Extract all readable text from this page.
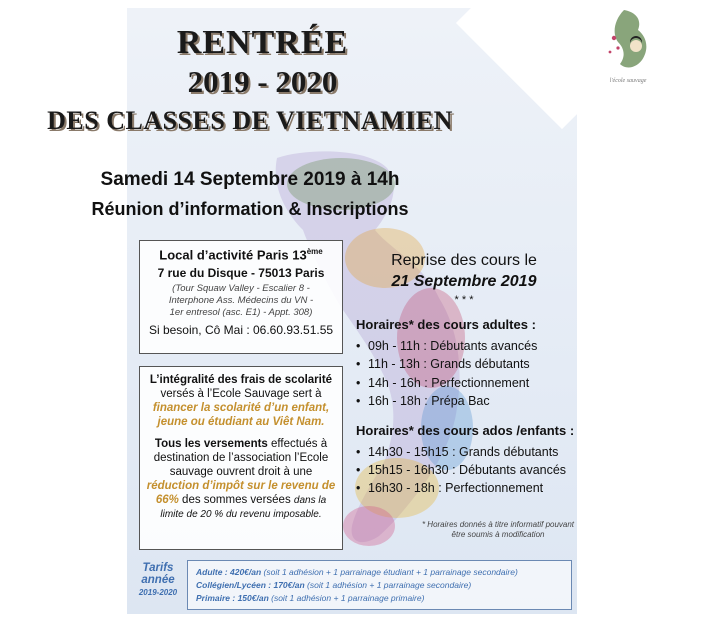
l'école sauvage
RENTRÉE
2019 - 2020
DES CLASSES DE VIETNAMIEN
Samedi 14 Septembre 2019 à 14h
Réunion d’information & Inscriptions
Local d’activité Paris 13ème
7 rue du Disque - 75013 Paris
(Tour Squaw Valley - Escalier 8 -
Interphone Ass. Médecins du VN -
1er entresol (asc. E1) - Appt. 308)
Si besoin, Cô Mai : 06.60.93.51.55
L’intégralité des frais de scolarité
versés à l’Ecole Sauvage sert à
financer la scolarité d’un enfant,
jeune ou étudiant au Viêt Nam.
Tous les versements effectués à
destination de l’association l’Ecole
sauvage ouvrent droit à une
réduction d’impôt sur le revenu de
66% des sommes versées dans la
limite de 20 % du revenu imposable.
Reprise des cours le
21 Septembre 2019
* * *
Horaires* des cours adultes :
• 09h - 11h : Débutants avancés
• 11h - 13h : Grands débutants
• 14h - 16h : Perfectionnement
• 16h - 18h : Prépa Bac
Horaires* des cours ados /enfants :
• 14h30 - 15h15 : Grands débutants
• 15h15 - 16h30 : Débutants avancés
• 16h30 - 18h : Perfectionnement
* Horaires donnés à titre informatif pouvant être soumis à modification
Tarifs
année
2019-2020
Adulte : 420€/an (soit 1 adhésion + 1 parrainage étudiant + 1 parrainage secondaire)
Collégien/Lycéen : 170€/an (soit 1 adhésion + 1 parrainage secondaire)
Primaire : 150€/an (soit 1 adhésion + 1 parrainage primaire)
